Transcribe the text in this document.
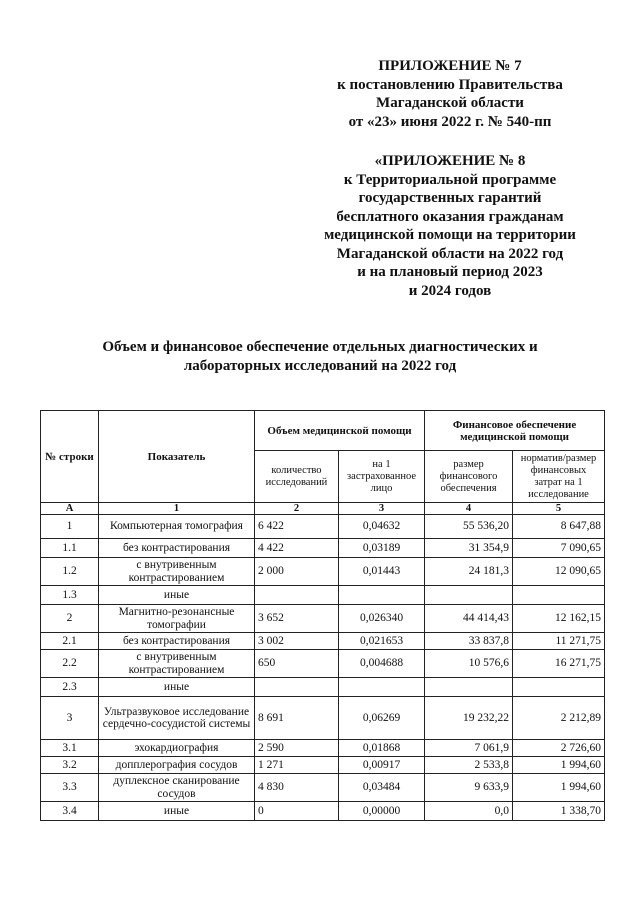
ПРИЛОЖЕНИЕ № 7
к постановлению Правительства
Магаданской области
от «23» июня 2022 г. № 540-пп
«ПРИЛОЖЕНИЕ № 8
к Территориальной программе
государственных гарантий
бесплатного оказания гражданам
медицинской помощи на территории
Магаданской области на 2022 год
и на плановый период 2023
и 2024 годов
Объем и финансовое обеспечение отдельных диагностических и
лабораторных исследований на 2022 год
№ строки	Показатель	Объем медицинской помощи		Финансовое обеспечение медицинской помощи	
		количество исследований	на 1 застрахованное лицо	размер финансового обеспечения	норматив/размер финансовых затрат на 1 исследование
А	1	2	3	4	5
1	Компьютерная томография	6 422	0,04632	55 536,20	8 647,88
1.1	без контрастирования	4 422	0,03189	31 354,9	7 090,65
1.2	с внутривенным контрастированием	2 000	0,01443	24 181,3	12 090,65
1.3	иные				
2	Магнитно-резонансные томографии	3 652	0,026340	44 414,43	12 162,15
2.1	без контрастирования	3 002	0,021653	33 837,8	11 271,75
2.2	с внутривенным контрастированием	650	0,004688	10 576,6	16 271,75
2.3	иные				
3	Ультразвуковое исследование сердечно-сосудистой системы	8 691	0,06269	19 232,22	2 212,89
3.1	эхокардиография	2 590	0,01868	7 061,9	2 726,60
3.2	допплерография сосудов	1 271	0,00917	2 533,8	1 994,60
3.3	дуплексное сканирование сосудов	4 830	0,03484	9 633,9	1 994,60
3.4	иные	0	0,00000	0,0	1 338,70
